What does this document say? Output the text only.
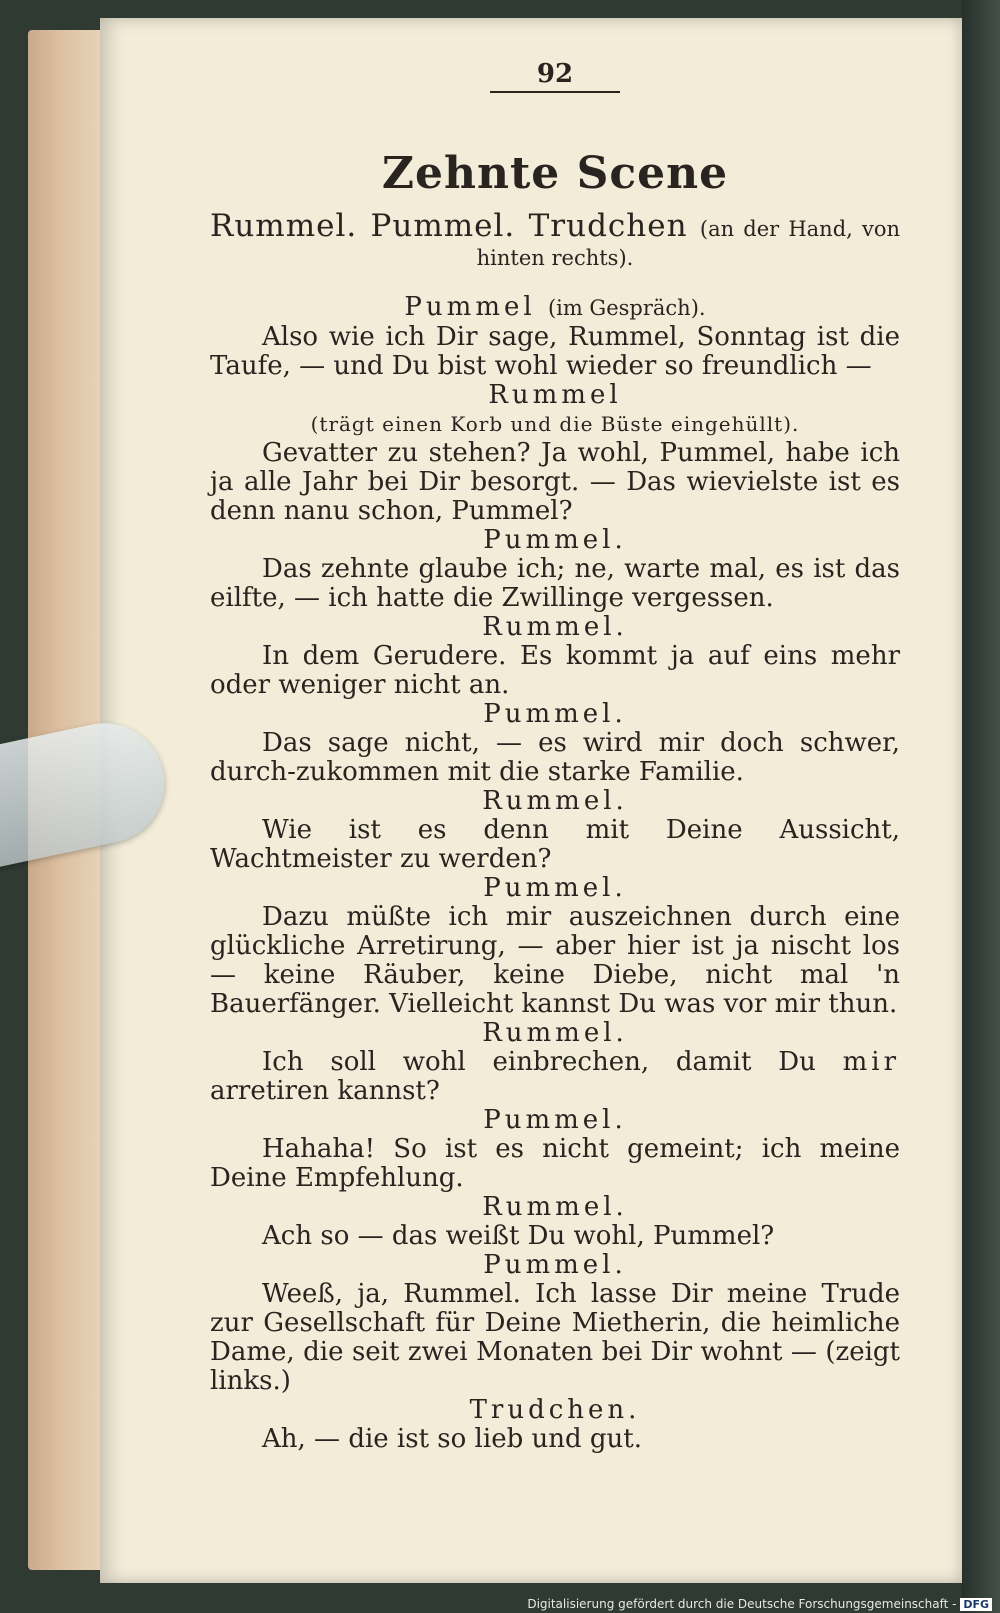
92
Zehnte Scene
Rummel. Pummel. Trudchen (an der Hand, von
hinten rechts).
Pummel (im Gespräch).
Also wie ich Dir sage, Rummel, Sonntag ist die Taufe, — und Du bist wohl wieder so freundlich —
Rummel
(trägt einen Korb und die Büste eingehüllt).
Gevatter zu stehen? Ja wohl, Pummel, habe ich ja alle Jahr bei Dir besorgt. — Das wievielste ist es denn nanu schon, Pummel?
Pummel.
Das zehnte glaube ich; ne, warte mal, es ist das eilfte, — ich hatte die Zwillinge vergessen.
Rummel.
In dem Gerudere. Es kommt ja auf eins mehr oder weniger nicht an.
Pummel.
Das sage nicht, — es wird mir doch schwer, durch-zukommen mit die starke Familie.
Rummel.
Wie ist es denn mit Deine Aussicht, Wachtmeister zu werden?
Pummel.
Dazu müßte ich mir auszeichnen durch eine glückliche Arretirung, — aber hier ist ja nischt los — keine Räuber, keine Diebe, nicht mal 'n Bauerfänger. Vielleicht kannst Du was vor mir thun.
Rummel.
Ich soll wohl einbrechen, damit Du mir arretiren kannst?
Pummel.
Hahaha! So ist es nicht gemeint; ich meine Deine Empfehlung.
Rummel.
Ach so — das weißt Du wohl, Pummel?
Pummel.
Weeß, ja, Rummel. Ich lasse Dir meine Trude zur Gesellschaft für Deine Mietherin, die heimliche Dame, die seit zwei Monaten bei Dir wohnt — (zeigt links.)
Trudchen.
Ah, — die ist so lieb und gut.
Digitalisierung gefördert durch die Deutsche Forschungsgemeinschaft - DFG
